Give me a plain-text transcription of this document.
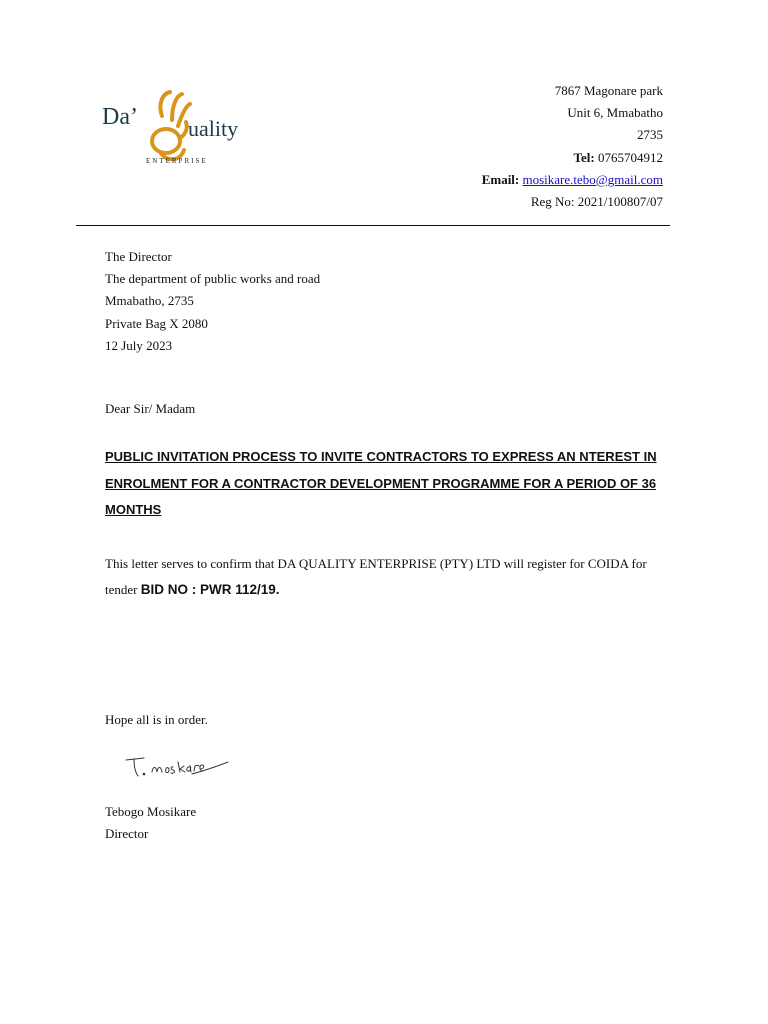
Da’ uality
ENTERPRISE
7867 Magonare park
Unit 6, Mmabatho
2735
Tel: 0765704912
Email: mosikare.tebo@gmail.com
Reg No: 2021/100807/07
The Director
The department of public works and road
Mmabatho, 2735
Private Bag X 2080
12 July 2023
Dear Sir/ Madam
PUBLIC INVITATION PROCESS TO INVITE CONTRACTORS TO EXPRESS AN NTEREST IN ENROLMENT FOR A CONTRACTOR DEVELOPMENT PROGRAMME FOR A PERIOD OF 36 MONTHS
This letter serves to confirm that DA QUALITY ENTERPRISE (PTY) LTD will register for COIDA for tender BID NO : PWR 112/19.
Hope all is in order.
Tebogo Mosikare
Director
